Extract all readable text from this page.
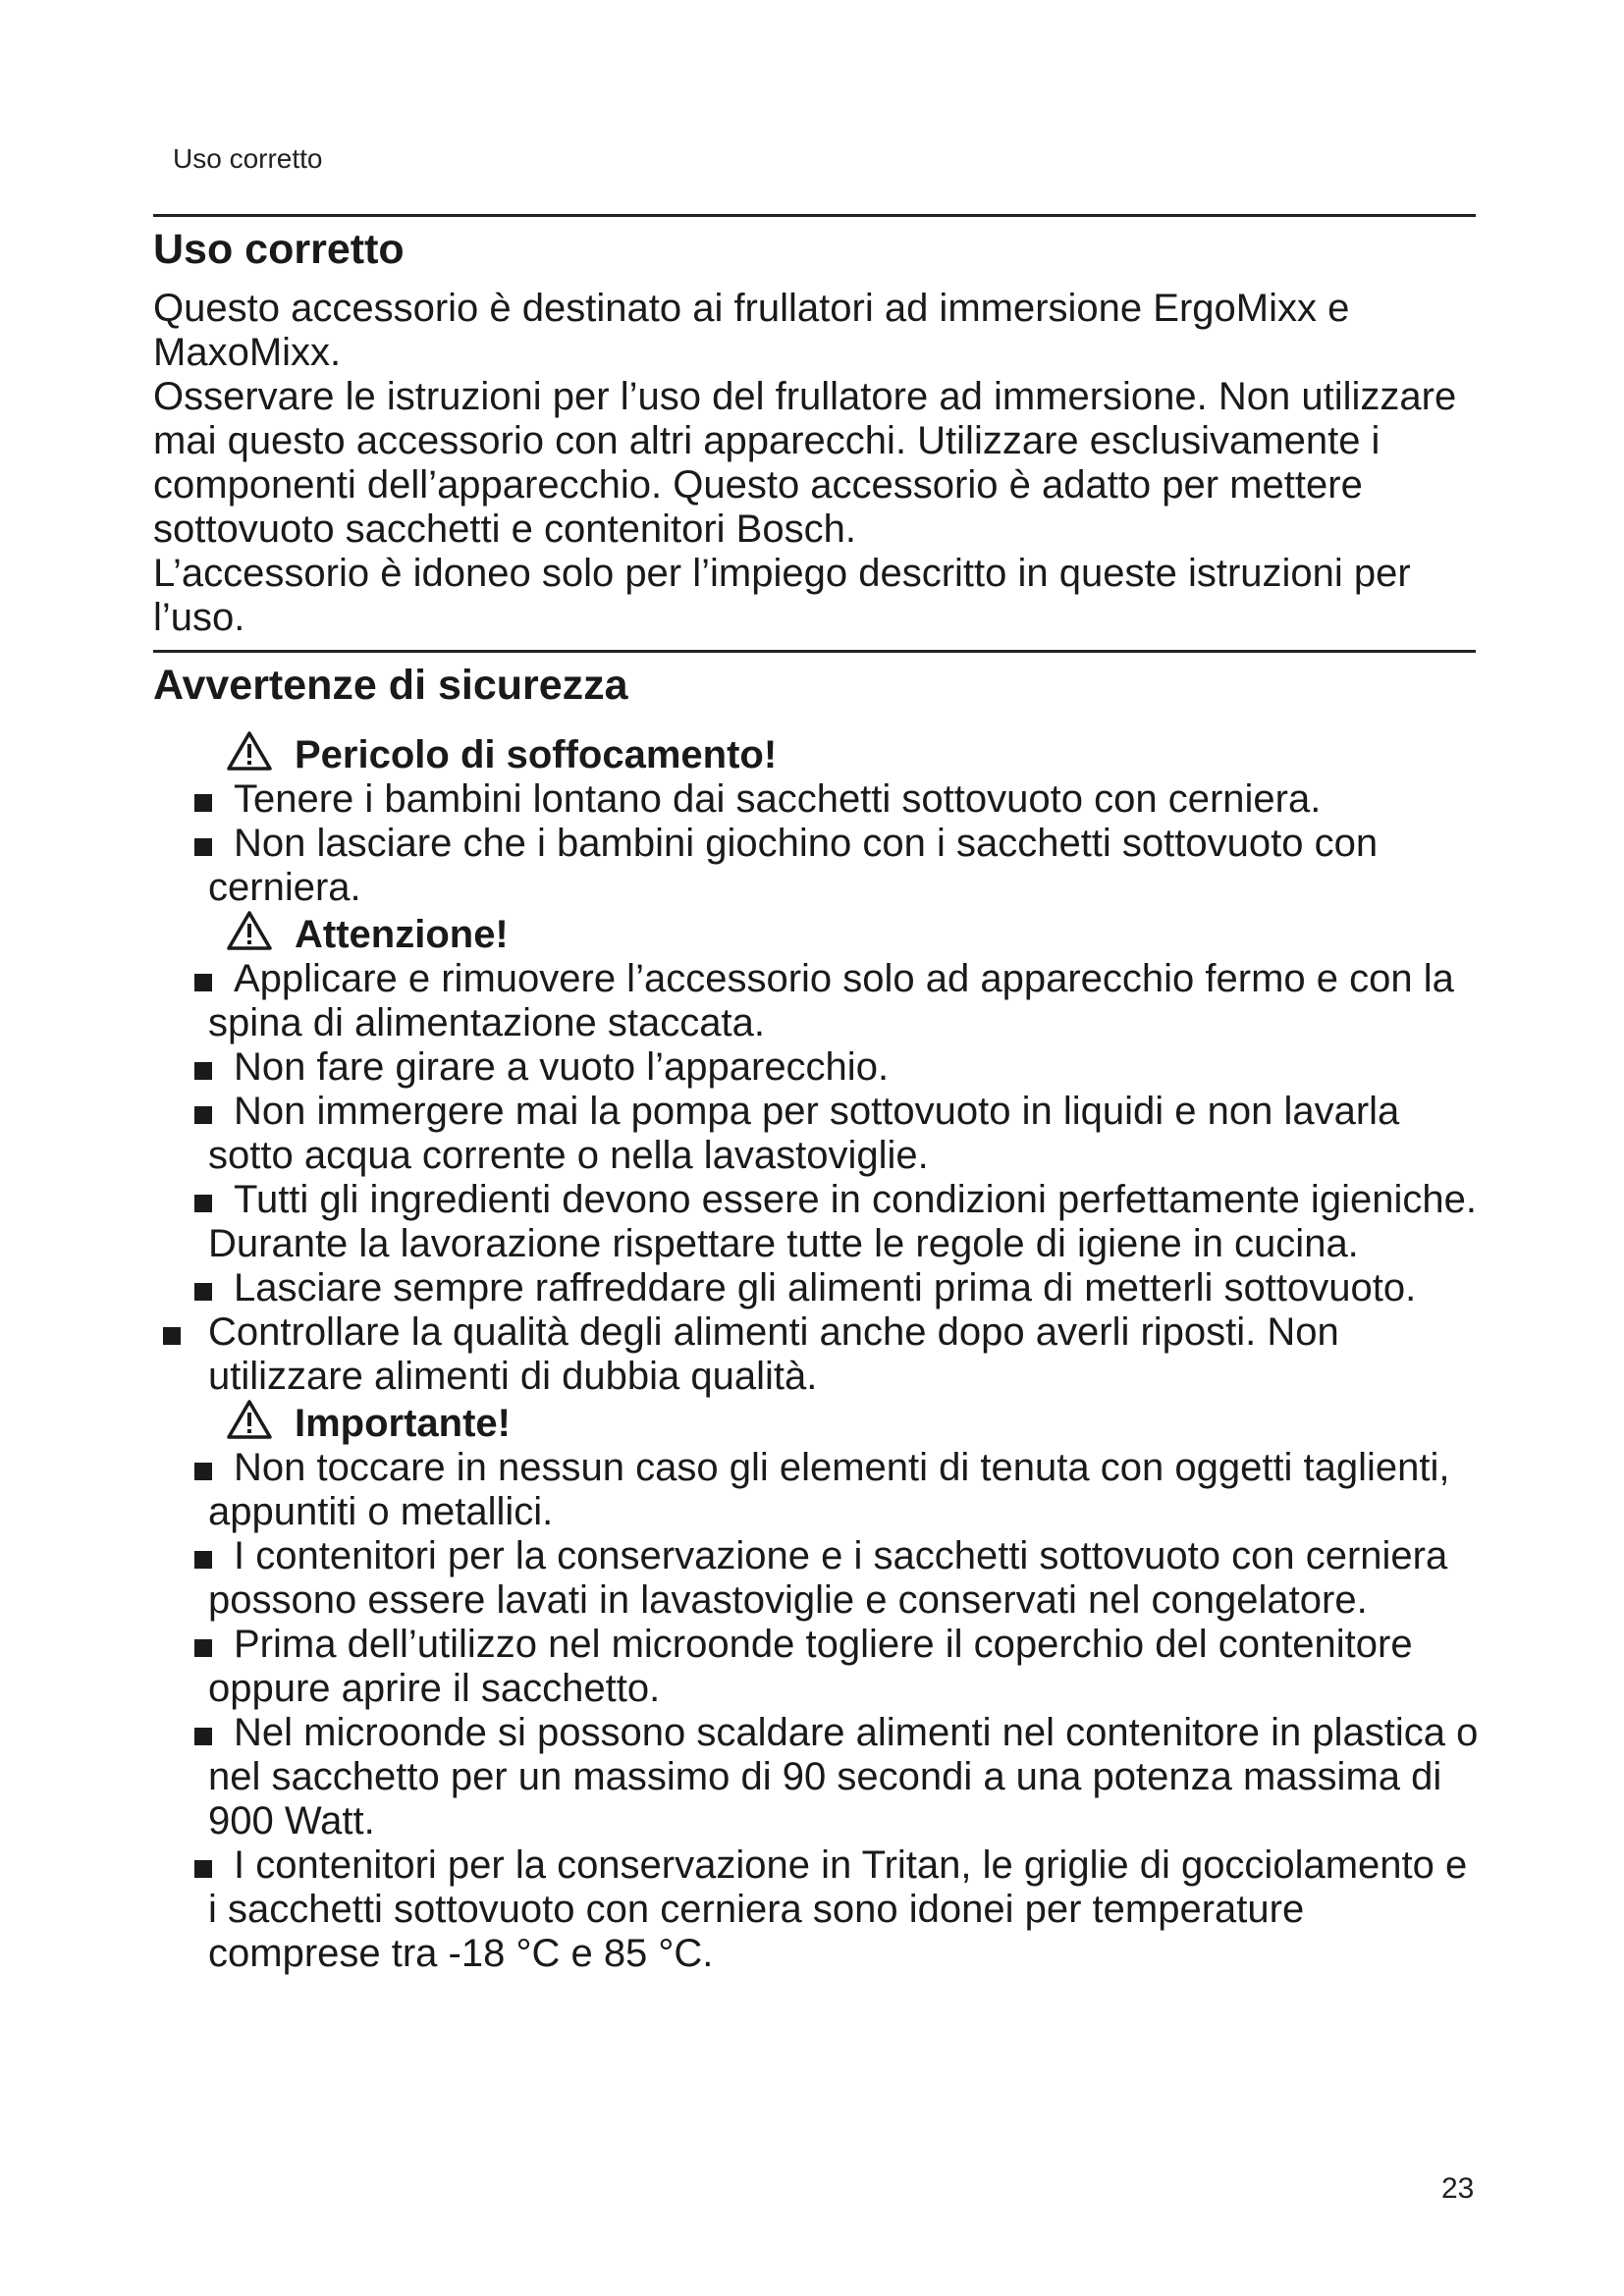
Uso corretto
Uso corretto

Questo accessorio è destinato ai frullatori ad immersione ErgoMixx e MaxoMixx.

Osservare le istruzioni per l’uso del frullatore ad immersione. Non utilizzare mai questo accessorio con altri apparecchi. Utilizzare esclusivamente i componenti dell’apparecchio. Questo accessorio è adatto per mettere sottovuoto sacchetti e contenitori Bosch.

L’accessorio è idoneo solo per l’impiego descritto in queste istruzioni per l’uso.

Avvertenze di sicurezza
Pericolo di soffocamento!
Tenere i bambini lontano dai sacchetti sottovuoto con cerniera.
Non lasciare che i bambini giochino con i sacchetti sottovuoto con cerniera.
Attenzione!
Applicare e rimuovere l’accessorio solo ad apparecchio fermo e con la spina di alimentazione staccata.
Non fare girare a vuoto l’apparecchio.
Non immergere mai la pompa per sottovuoto in liquidi e non lavarla sotto acqua corrente o nella lavastoviglie.
Tutti gli ingredienti devono essere in condizioni perfettamente igieniche. Durante la lavorazione rispettare tutte le regole di igiene in cucina.
Lasciare sempre raffreddare gli alimenti prima di metterli sottovuoto.
Controllare la qualità degli alimenti anche dopo averli riposti. Non utilizzare alimenti di dubbia qualità.
Importante!
Non toccare in nessun caso gli elementi di tenuta con oggetti taglienti, appuntiti o metallici.
I contenitori per la conservazione e i sacchetti sottovuoto con cerniera possono essere lavati in lavastoviglie e conservati nel congelatore.
Prima dell’utilizzo nel microonde togliere il coperchio del contenitore oppure aprire il sacchetto.
Nel microonde si possono scaldare alimenti nel contenitore in plastica o nel sacchetto per un massimo di 90 secondi a una potenza massima di 900 Watt.
I contenitori per la conservazione in Tritan, le griglie di gocciolamento e i sacchetti sottovuoto con cerniera sono idonei per temperature comprese tra -18 °C e 85 °C.
23
